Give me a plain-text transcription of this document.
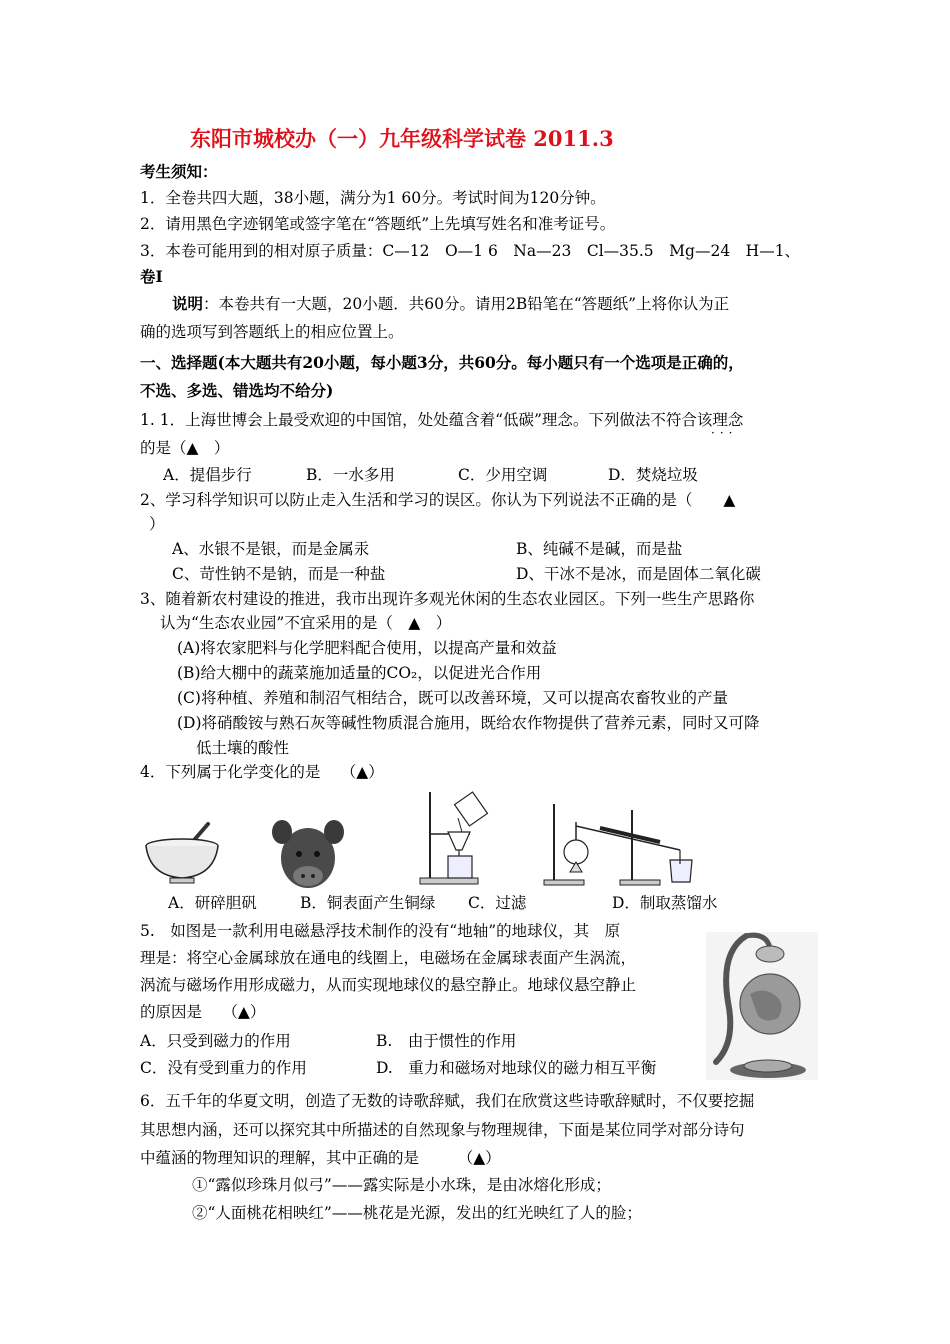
东阳市城校办（一）九年级科学试卷 2011.3
考生须知：
1．全卷共四大题，38小题，满分为1 60分。考试时间为120分钟。
2．请用黑色字迹钢笔或签字笔在“答题纸”上先填写姓名和准考证号。
3．本卷可能用到的相对原子质量：C—12　O—1 6　Na—23　Cl—35.5　Mg—24　H—1、
卷Ⅰ
说明：本卷共有一大题，20小题．共60分。请用2B铅笔在“答题纸”上将你认为正
确的选项写到答题纸上的相应位置上。
一、选择题(本大题共有20小题，每小题3分，共60分。每小题只有一个选项是正确的，
不选、多选、错选均不给分)
1. 1．上海世博会上最受欢迎的中国馆，处处蕴含着“低碳”理念。下列做法不符合该理念
···
的是（▲　）
A．提倡步行	B．一水多用	C．少用空调	D．焚烧垃圾
2、学习科学知识可以防止走入生活和学习的误区。你认为下列说法不正确的是（　　▲
）
A、水银不是银，而是金属汞	B、纯碱不是碱，而是盐
C、苛性钠不是钠，而是一种盐	D、干冰不是冰，而是固体二氧化碳
3、随着新农村建设的推进，我市出现许多观光休闲的生态农业园区。下列一些生产思路你
认为“生态农业园”不宜采用的是（　▲　）
(A)将农家肥料与化学肥料配合使用，以提高产量和效益
(B)给大棚中的蔬菜施加适量的CO₂，以促进光合作用
(C)将种植、养殖和制沼气相结合，既可以改善环境，又可以提高农畜牧业的产量
(D)将硝酸铵与熟石灰等碱性物质混合施用，既给农作物提供了营养元素，同时又可降
低土壤的酸性
4．下列属于化学变化的是　 （▲）
A．研碎胆矾	B．铜表面产生铜绿 C．过滤	D．制取蒸馏水
5.　如图是一款利用电磁悬浮技术制作的没有“地轴”的地球仪，其　原
理是：将空心金属球放在通电的线圈上，电磁场在金属球表面产生涡流，
涡流与磁场作用形成磁力，从而实现地球仪的悬空静止。地球仪悬空静止
的原因是　 （▲）
A．只受到磁力的作用	B.　由于惯性的作用
C．没有受到重力的作用	D.　重力和磁场对地球仪的磁力相互平衡
6．五千年的华夏文明，创造了无数的诗歌辞赋，我们在欣赏这些诗歌辞赋时，不仅要挖掘
其思想内涵，还可以探究其中所描述的自然现象与物理规律，下面是某位同学对部分诗句
中蕴涵的物理知识的理解，其中正确的是　　　（▲）
①“露似珍珠月似弓”——露实际是小水珠，是由冰熔化形成；
②“人面桃花相映红”——桃花是光源，发出的红光映红了人的脸；
